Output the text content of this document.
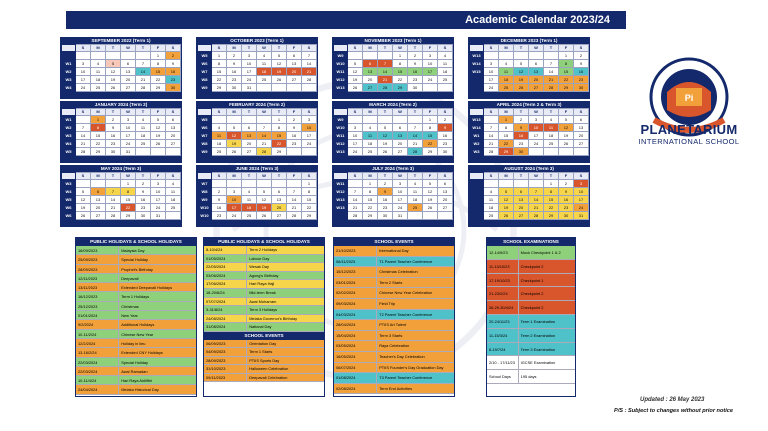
Academic Calendar 2023/24
SEPTEMBER 2022 (Term 1)
	S	M	T	W	T	F	S
						1	2
W1	3	4	5	6	7	8	9
W2	10	11	12	13	14	15	16
W3	17	18	19	20	21	22	23
W4	24	25	26	27	28	29	30
OCTOBER 2023 (Term 1)
	S	M	T	W	T	F	S
W5	1	2	3	4	5	6	7
W6	8	9	10	11	12	13	14
W7	15	16	17	18	19	20	21
W8	22	23	24	25	26	27	28
W9	29	30	31				
NOVEMBER 2023 (Term 1)
	S	M	T	W	T	F	S
W9				1	2	3	4
W10	5	6	7	8	9	10	11
W11	12	13	14	15	16	17	18
W12	19	20	21	22	23	24	25
W13	26	27	28	29	30		
DECEMBER 2023 (Term 1)
	S	M	T	W	T	F	S
W13						1	2
W14	3	4	5	6	7	8	9
W15	10	11	12	13	14	15	16
	17	18	19	20	21	22	23
	24	25	26	27	28	29	30
JANUARY 2024 (Term 2)
	S	M	T	W	T	F	S
W1		1	2	3	4	5	6
W2	7	8	9	10	11	12	13
W3	14	15	16	17	18	19	20
W4	21	22	23	24	25	26	27
W5	28	29	30	31			
FEBRUARY 2024 (Term 2)
	S	M	T	W	T	F	S
W5					1	2	3
W6	4	5	6	7	8	9	10
W7	11	12	13	14	15	16	17
W8	18	19	20	21	22	23	24
W9	25	26	27	28	29		
MARCH 2024 (Term 2)
	S	M	T	W	T	F	S
W9						1	2
W10	3	4	5	6	7	8	9
W11	10	11	12	13	14	15	16
W12	17	18	19	20	21	22	23
W13	24	25	26	27	28	29	30
APRIL 2024 (Term 2 & Term 3)
	S	M	T	W	T	F	S
W13		1	2	3	4	5	6
W14	7	8	9	10	11	12	13
W1	14	15	16	17	18	19	20
W2	21	22	23	24	25	26	27
W3	28	29	30				
MAY 2024 (Term 3)
	S	M	T	W	T	F	S
W3				1	2	3	4
W4	5	6	7	8	9	10	11
W5	12	13	14	15	16	17	18
W6	19	20	21	22	23	24	25
W6	26	27	28	29	30	31	
JUNE 2024 (Term 3)
	S	M	T	W	T	F	S
W7							1
W8	2	3	4	5	6	7	8
W9	9	10	11	12	13	14	15
W10	16	17	18	19	20	21	22
W10	23	24	25	26	27	28	29
JULY 2024 (Term 3)
	S	M	T	W	T	F	S
W11		1	2	3	4	5	6
W12	7	8	9	10	11	12	13
W13	14	15	16	17	18	19	20
W13	21	22	23	24	25	26	27
	28	29	30	31			
AUGUST 2024 (Term 3)
	S	M	T	W	T	F	S
					1	2	3
	4	5	6	7	8	9	10
	11	12	13	14	15	16	17
	18	19	20	21	22	23	24
	25	26	27	28	29	30	31
PUBLIC HOLIDAYS & SCHOOL HOLIDAYS
16/09/2023	Malaysia Day
25/09/2023	Special Holiday
28/09/2023	Prophet's Birthday
12/11/2023	Deepavali
13/11/2023	Extended Deepavali Holidays
16/12/2023	Term 1 Holidays
25/12/2023	Christmas
01/01/2024	New Year
9/2/2024	Additional Holidays
10-11/2/24	Chinese New Year
12/2/2024	Holiday in lieu
13-16/2/24	Extended CNY Holidays
22/03/2024	Special Holiday
22/03/2024	Awal Ramadan
10-11/4/24	Hari Raya Aidilfitri
24/04/2024	Melaka Historical Day
PUBLIC HOLIDAYS & SCHOOL HOLIDAYS
8-10/4/24	Term 2 Holidays
01/05/2024	Labour Day
22/05/2024	Wesak Day
03/06/2024	Agong's Birthday
17/06/2024	Hari Raya Haji
18-20/6/24	Mid-term Break
07/07/2024	Awal Muharram
3-31/8/24	Term 3 Holidays
24/08/2024	Melaka Governor's Birthday
31/08/2024	National Day
SCHOOL EVENTS
06/09/2023	Orientation Day
04/09/2023	Term 1 Starts
28/09/2023	PTIIS Sports Day
31/10/2023	Halloween Celebration
09/11/2023	Deepavali Celebration
SCHOOL EVENTS
21/10/2023	International Day
06/11/2023	T1 Parent Teacher Conference
15/12/2023	Christmas Celebration
03/01/2024	Term 2 Starts
02/02/2024	Chinese New Year Celebration
09/03/2024	Field Trip
04/03/2024	T2 Parent Teacher Conference
28/04/2024	PTIIS Art Talent
15/04/2024	Term 3 Starts
03/05/2024	Raya Celebration
16/05/2024	Teacher's Day Celebration
06/07/2024	PTIIS Founder's Day Graduation Day
01/08/2024	T3 Parent Teacher Conference
02/08/2024	Term End Activities
SCHOOL EXAMINATIONS
12-14/9/23	Mock Checkpoint 1 & 2
11-13/10/23	Checkpoint 2
17-19/10/23	Checkpoint 1
21-23/2/24	Checkpoint 2
26-29-30/4/24	Checkpoint 2
20-24/11/23	Term 1 Examination
11-15/3/24	Term 2 Examination
8-19/7/24	Term 3 Examination
2/10 - 17/11/23	IGCSE Examination
School Days	195 days
Pi
PLANETARIUM
INTERNATIONAL SCHOOL
Updated : 26 May 2023
P/S : Subject to changes without prior notice
